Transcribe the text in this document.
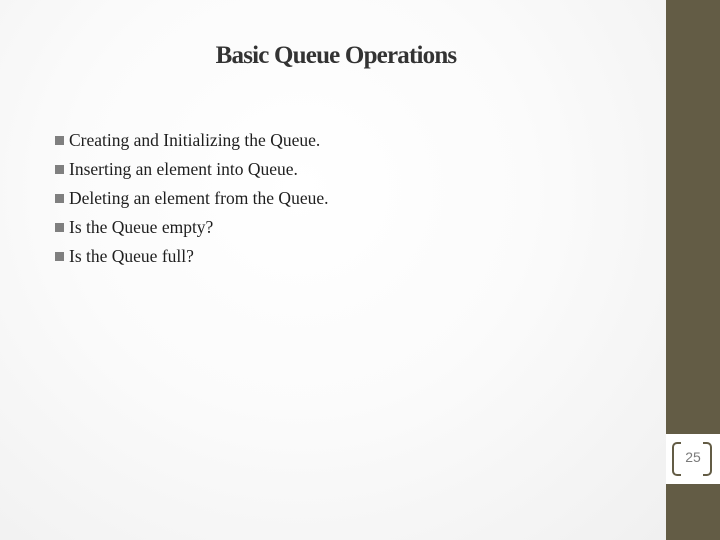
Basic Queue Operations
Creating and Initializing the Queue.
Inserting an element into Queue.
Deleting an element from the Queue.
Is the Queue empty?
Is the Queue full?
25
